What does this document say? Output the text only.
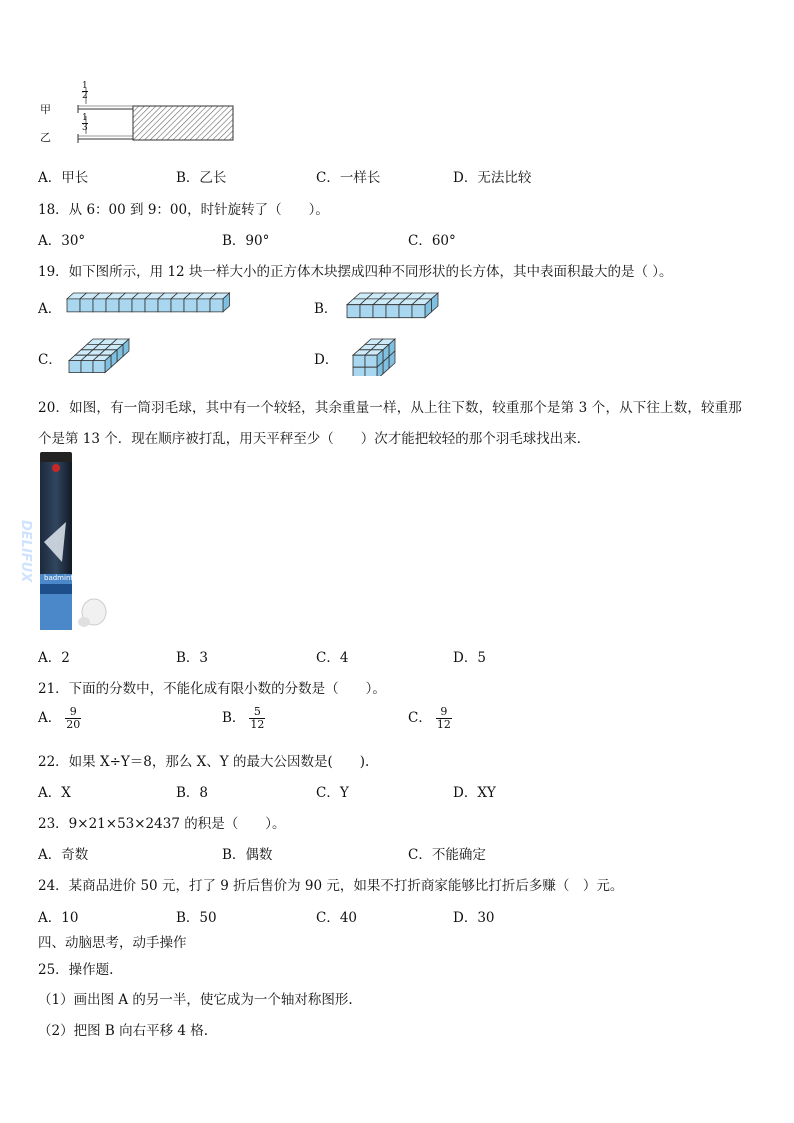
甲
乙
1
2
1
3
A．甲长	B．乙长	C．一样长	D．无法比较
18．从 6：00 到 9：00，时针旋转了（　　）。
A．30°	B．90°	C．60°
19．如下图所示，用 12 块一样大小的正方体木块摆成四种不同形状的长方体，其中表面积最大的是（ ）。
A．	B．
C．	D．
20．如图，有一筒羽毛球，其中有一个较轻，其余重量一样，从上往下数，较重那个是第 3 个，从下往上数，较重那
个是第 13 个．现在顺序被打乱，用天平秤至少（　　）次才能把较轻的那个羽毛球找出来．
DELIFUX badminton
A．2	B．3	C．4	D．5
21．下面的分数中，不能化成有限小数的分数是（　　）。
A． $\frac{9}{20}$	B． $\frac{5}{12}$	C． $\frac{9}{12}$
22．如果 X÷Y＝8，那么 X、Y 的最大公因数是(　　).
A．X	B．8	C．Y	D．XY
23．9×21×53×2437 的积是（　　）。
A．奇数	B．偶数	C．不能确定
24．某商品进价 50 元，打了 9 折后售价为 90 元，如果不打折商家能够比打折后多赚（　）元。
A．10	B．50	C．40	D．30
四、动脑思考，动手操作
25．操作题.
（1）画出图 A 的另一半，使它成为一个轴对称图形.
（2）把图 B 向右平移 4 格.
